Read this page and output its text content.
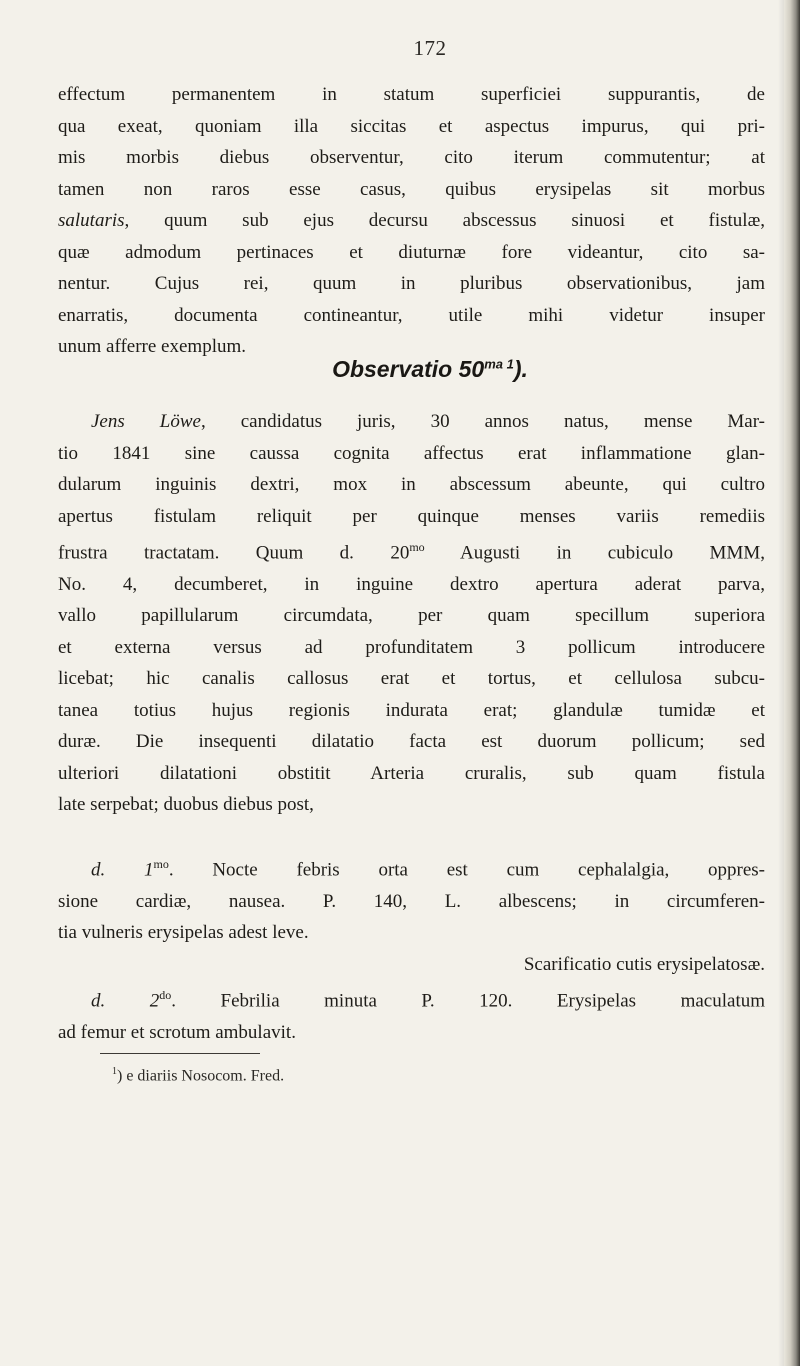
172
effectum permanentem in statum superficiei suppurantis, de
qua exeat, quoniam illa siccitas et aspectus impurus, qui pri-
mis morbis diebus observentur, cito iterum commutentur; at
tamen non raros esse casus, quibus erysipelas sit morbus
salutaris, quum sub ejus decursu abscessus sinuosi et fistulæ,
quæ admodum pertinaces et diuturnæ fore videantur, cito sa-
nentur. Cujus rei, quum in pluribus observationibus, jam
enarratis, documenta contineantur, utile mihi videtur insuper
unum afferre exemplum.
Observatio $50^{ma 1}$).
Jens Löwe, candidatus juris, 30 annos natus, mense Mar-
tio 1841 sine caussa cognita affectus erat inflammatione glan-
dularum inguinis dextri, mox in abscessum abeunte, qui cultro
apertus fistulam reliquit per quinque menses variis remediis
frustra tractatam. Quum d. $20^{mo}$ Augusti in cubiculo MMM,
No. 4, decumberet, in inguine dextro apertura aderat parva,
vallo papillularum circumdata, per quam specillum superiora
et externa versus ad profunditatem 3 pollicum introducere
licebat; hic canalis callosus erat et tortus, et cellulosa subcu-
tanea totius hujus regionis indurata erat; glandulæ tumidæ et
duræ. Die insequenti dilatatio facta est duorum pollicum; sed
ulteriori dilatationi obstitit Arteria cruralis, sub quam fistula
late serpebat; duobus diebus post,
d. $1^{mo}$. Nocte febris orta est cum cephalalgia, oppres-
sione cardiæ, nausea. P. 140, L. albescens; in circumferen-
tia vulneris erysipelas adest leve.
Scarificatio cutis erysipelatosæ.
d. $2^{do}$. Febrilia minuta P. 120. Erysipelas maculatum
ad femur et scrotum ambulavit.
$^1$) e diariis Nosocom. Fred.
